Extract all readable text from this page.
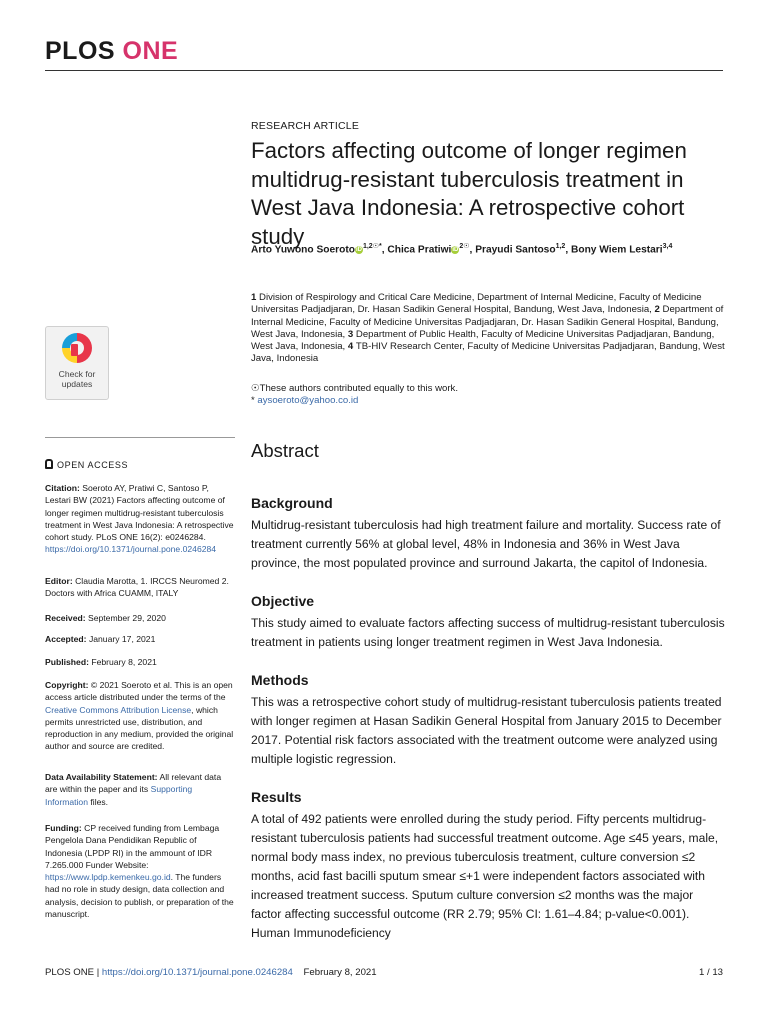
PLOS ONE
RESEARCH ARTICLE
Factors affecting outcome of longer regimen multidrug-resistant tuberculosis treatment in West Java Indonesia: A retrospective cohort study
Arto Yuwono SoerotoiD$^{1,2☉*}$, Chica PratiwiiD$^{2☉}$, Prayudi Santoso$^{1,2}$, Bony Wiem Lestari$^{3,4}$
1 Division of Respirology and Critical Care Medicine, Department of Internal Medicine, Faculty of Medicine Universitas Padjadjaran, Dr. Hasan Sadikin General Hospital, Bandung, West Java, Indonesia, 2 Department of Internal Medicine, Faculty of Medicine Universitas Padjadjaran, Dr. Hasan Sadikin General Hospital, Bandung, West Java, Indonesia, 3 Department of Public Health, Faculty of Medicine Universitas Padjadjaran, Bandung, West Java, Indonesia, 4 TB-HIV Research Center, Faculty of Medicine Universitas Padjadjaran, Bandung, West Java, Indonesia
☉These authors contributed equally to this work.
* aysoeroto@yahoo.co.id
Abstract
Background
Multidrug-resistant tuberculosis had high treatment failure and mortality. Success rate of treatment currently 56% at global level, 48% in Indonesia and 36% in West Java province, the most populated province and surround Jakarta, the capitol of Indonesia.
Objective
This study aimed to evaluate factors affecting success of multidrug-resistant tuberculosis treatment in patients using longer treatment regimen in West Java Indonesia.
Methods
This was a retrospective cohort study of multidrug-resistant tuberculosis patients treated with longer regimen at Hasan Sadikin General Hospital from January 2015 to December 2017. Potential risk factors associated with the treatment outcome were analyzed using multiple logistic regression.
Results
A total of 492 patients were enrolled during the study period. Fifty percents multidrug-resistant tuberculosis patients had successful treatment outcome. Age ≤45 years, male, normal body mass index, no previous tuberculosis treatment, culture conversion ≤2 months, acid fast bacilli sputum smear ≤+1 were independent factors associated with increased treatment success. Sputum culture conversion ≤2 months was the major factor affecting successful outcome (RR 2.79; 95% CI: 1.61–4.84; p-value<0.001). Human Immunodeficiency
Check for
updates
OPEN ACCESS
Citation: Soeroto AY, Pratiwi C, Santoso P, Lestari BW (2021) Factors affecting outcome of longer regimen multidrug-resistant tuberculosis treatment in West Java Indonesia: A retrospective cohort study. PLoS ONE 16(2): e0246284. https://doi.org/10.1371/journal.pone.0246284
Editor: Claudia Marotta, 1. IRCCS Neuromed 2. Doctors with Africa CUAMM, ITALY
Received: September 29, 2020
Accepted: January 17, 2021
Published: February 8, 2021
Copyright: © 2021 Soeroto et al. This is an open access article distributed under the terms of the Creative Commons Attribution License, which permits unrestricted use, distribution, and reproduction in any medium, provided the original author and source are credited.
Data Availability Statement: All relevant data are within the paper and its Supporting Information files.
Funding: CP received funding from Lembaga Pengelola Dana Pendidikan Republic of Indonesia (LPDP RI) in the ammount of IDR 7.265.000 Funder Website: https://www.lpdp.kemenkeu.go.id. The funders had no role in study design, data collection and analysis, decision to publish, or preparation of the manuscript.
PLOS ONE | https://doi.org/10.1371/journal.pone.0246284 February 8, 2021	1 / 13
